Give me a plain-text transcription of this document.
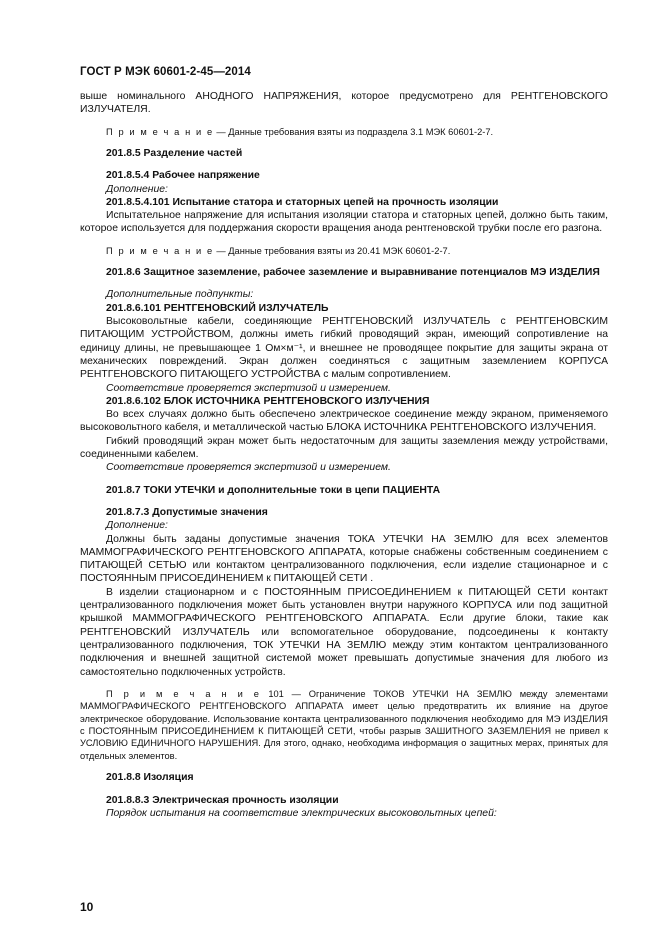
ГОСТ Р МЭК 60601-2-45—2014

выше номинального АНОДНОГО НАПРЯЖЕНИЯ, которое предусмотрено для РЕНТГЕНОВСКОГО ИЗЛУЧАТЕЛЯ.

П р и м е ч а н и е — Данные требования взяты из подраздела 3.1 МЭК 60601-2-7.

201.8.5 Разделение частей

201.8.5.4 Рабочее напряжение

Дополнение:

201.8.5.4.101 Испытание статора и статорных цепей на прочность изоляции

Испытательное напряжение для испытания изоляции статора и статорных цепей, должно быть таким, которое используется для поддержания скорости вращения анода рентгеновской трубки после его разгона.

П р и м е ч а н и е — Данные требования взяты из 20.41 МЭК 60601-2-7.

201.8.6 Защитное заземление, рабочее заземление и выравнивание потенциалов МЭ ИЗДЕЛИЯ

Дополнительные подпункты:

201.8.6.101 РЕНТГЕНОВСКИЙ ИЗЛУЧАТЕЛЬ

Высоковольтные кабели, соединяющие РЕНТГЕНОВСКИЙ ИЗЛУЧАТЕЛЬ с РЕНТГЕНОВСКИМ ПИТАЮЩИМ УСТРОЙСТВОМ, должны иметь гибкий проводящий экран, имеющий сопротивление на единицу длины, не превышающее 1 Ом×м⁻¹, и внешнее не проводящее покрытие для защиты экрана от механических повреждений. Экран должен соединяться с защитным заземлением КОРПУСА РЕНТГЕНОВСКОГО ПИТАЮЩЕГО УСТРОЙСТВА с малым сопротивлением.

Соответствие проверяется экспертизой и измерением.

201.8.6.102 БЛОК ИСТОЧНИКА РЕНТГЕНОВСКОГО ИЗЛУЧЕНИЯ

Во всех случаях должно быть обеспечено электрическое соединение между экраном, применяемого высоковольтного кабеля, и металлической частью БЛОКА ИСТОЧНИКА РЕНТГЕНОВСКОГО ИЗЛУЧЕНИЯ.

Гибкий проводящий экран может быть недостаточным для защиты заземления между устройствами, соединенными кабелем.

Соответствие проверяется экспертизой и измерением.

201.8.7 ТОКИ УТЕЧКИ и дополнительные токи в цепи ПАЦИЕНТА

201.8.7.3 Допустимые значения

Дополнение:

Должны быть заданы допустимые значения ТОКА УТЕЧКИ НА ЗЕМЛЮ для всех элементов МАММОГРАФИЧЕСКОГО РЕНТГЕНОВСКОГО АППАРАТА, которые снабжены собственным соединением с ПИТАЮЩЕЙ СЕТЬЮ или контактом централизованного подключения, если изделие стационарное и с ПОСТОЯННЫМ ПРИСОЕДИНЕНИЕМ к ПИТАЮЩЕЙ СЕТИ .

В изделии стационарном и с ПОСТОЯННЫМ ПРИСОЕДИНЕНИЕМ к ПИТАЮЩЕЙ СЕТИ контакт централизованного подключения может быть установлен внутри наружного КОРПУСА или под защитной крышкой МАММОГРАФИЧЕСКОГО РЕНТГЕНОВСКОГО АППАРАТА. Если другие блоки, такие как РЕНТГЕНОВСКИЙ ИЗЛУЧАТЕЛЬ или вспомогательное оборудование, подсоединены к контакту централизованного подключения, ТОК УТЕЧКИ НА ЗЕМЛЮ между этим контактом централизованного подключения и внешней защитной системой может превышать допустимые значения для любого из самостоятельно подключенных устройств.

П р и м е ч а н и е 101 — Ограничение ТОКОВ УТЕЧКИ НА ЗЕМЛЮ между элементами МАММОГРАФИЧЕСКОГО РЕНТГЕНОВСКОГО АППАРАТА имеет целью предотвратить их влияние на другое электрическое оборудование. Использование контакта централизованного подключения необходимо для МЭ ИЗДЕЛИЯ с ПОСТОЯННЫМ ПРИСОЕДИНЕНИЕМ К ПИТАЮЩЕЙ СЕТИ, чтобы разрыв ЗАШИТНОГО ЗАЗЕМЛЕНИЯ не привел к УСЛОВИЮ ЕДИНИЧНОГО НАРУШЕНИЯ. Для этого, однако, необходима информация о защитных мерах, принятых для отдельных элементов.

201.8.8 Изоляция

201.8.8.3 Электрическая прочность изоляции

Порядок испытания на соответствие электрических высоковольтных цепей:

10
